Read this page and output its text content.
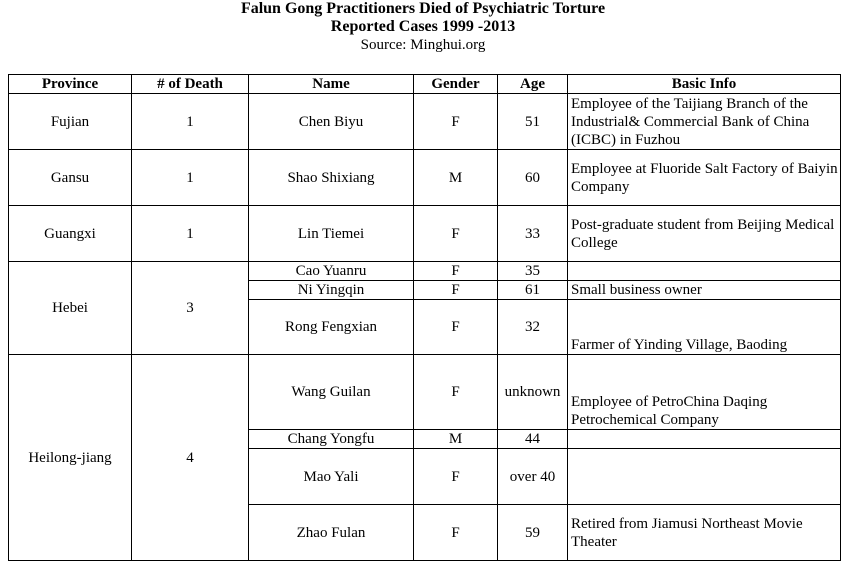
Falun Gong Practitioners Died of Psychiatric Torture
Reported Cases 1999 -2013
Source: Minghui.org
Province	# of Death	Name	Gender	Age	Basic Info
Fujian	1	Chen Biyu	F	51	Employee of the Taijiang Branch of the Industrial& Commercial Bank of China (ICBC) in Fuzhou
Gansu	1	Shao Shixiang	M	60	Employee at Fluoride Salt Factory of Baiyin Company
Guangxi	1	Lin Tiemei	F	33	Post-graduate student from Beijing Medical College
Hebei	3	Cao Yuanru	F	35	
		Ni Yingqin	F	61	Small business owner
		Rong Fengxian	F	32	Farmer of Yinding Village, Baoding
Heilong-jiang	4	Wang Guilan	F	unknown	Employee of PetroChina Daqing Petrochemical Company
		Chang Yongfu	M	44	
		Mao Yali	F	over 40	
		Zhao Fulan	F	59	Retired from Jiamusi Northeast Movie Theater
